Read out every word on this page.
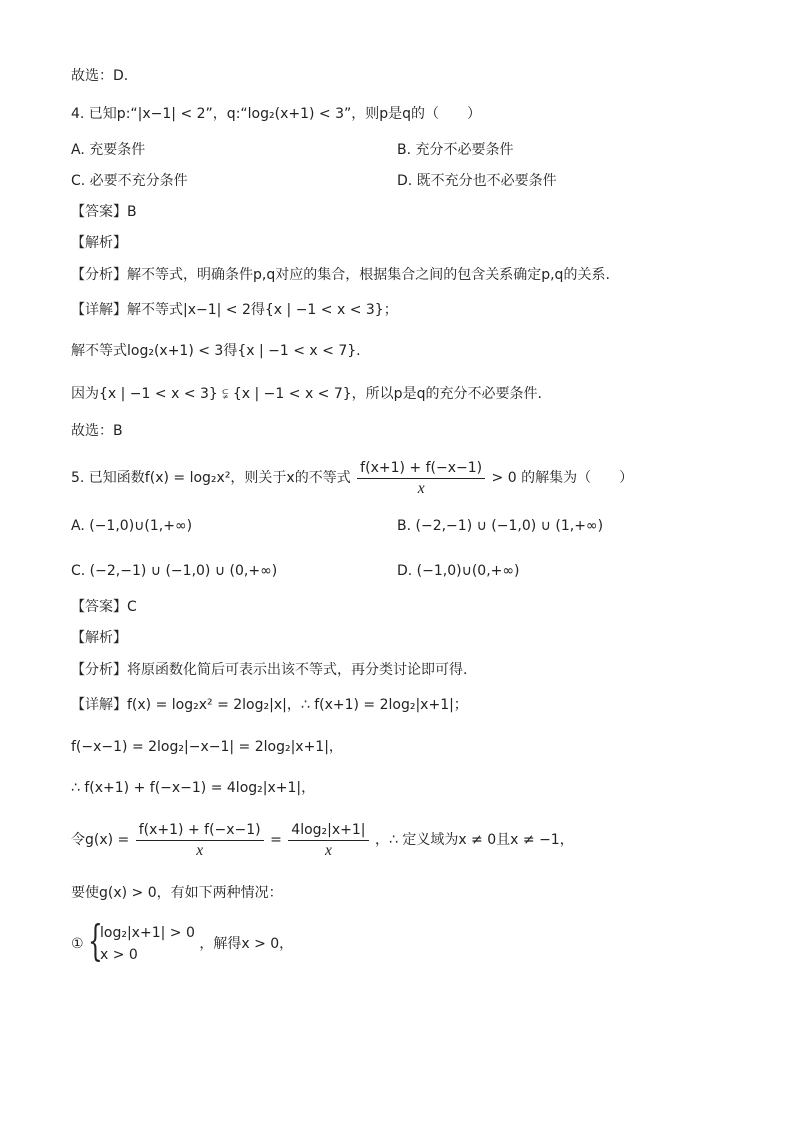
故选：D.
4. 已知p:“|x−1| < 2”，q:“log₂(x+1) < 3”，则p是q的（　　）
A. 充要条件	B. 充分不必要条件
C. 必要不充分条件	D. 既不充分也不必要条件
【答案】B
【解析】
【分析】解不等式，明确条件p,q对应的集合，根据集合之间的包含关系确定p,q的关系.
【详解】解不等式|x−1| < 2得{x | −1 < x < 3}；
解不等式log₂(x+1) < 3得{x | −1 < x < 7}.
因为{x | −1 < x < 3} ⫋ {x | −1 < x < 7}，所以p是q的充分不必要条件.
故选：B
5. 已知函数f(x) = log₂x²，则关于x的不等式 $\frac{f(x+1) + f(-x-1)}{x} > 0$ 的解集为（　　）
A. (−1,0)∪(1,+∞)	B. (−2,−1) ∪ (−1,0) ∪ (1,+∞)
C. (−2,−1) ∪ (−1,0) ∪ (0,+∞)	D. (−1,0)∪(0,+∞)
【答案】C
【解析】
【分析】将原函数化简后可表示出该不等式，再分类讨论即可得.
【详解】f(x) = log₂x² = 2log₂|x|，∴ f(x+1) = 2log₂|x+1|；
f(−x−1) = 2log₂|−x−1| = 2log₂|x+1|，
∴ f(x+1) + f(−x−1) = 4log₂|x+1|，
令$g(x) = \frac{f(x+1) + f(-x-1)}{x} = \frac{\text{4log₂|x+1|}}{x}$ ，∴ 定义域为x ≠ 0且x ≠ −1，
要使g(x) > 0，有如下两种情况：
① {
log₂|x+1| > 0
x > 0
，解得x > 0，
